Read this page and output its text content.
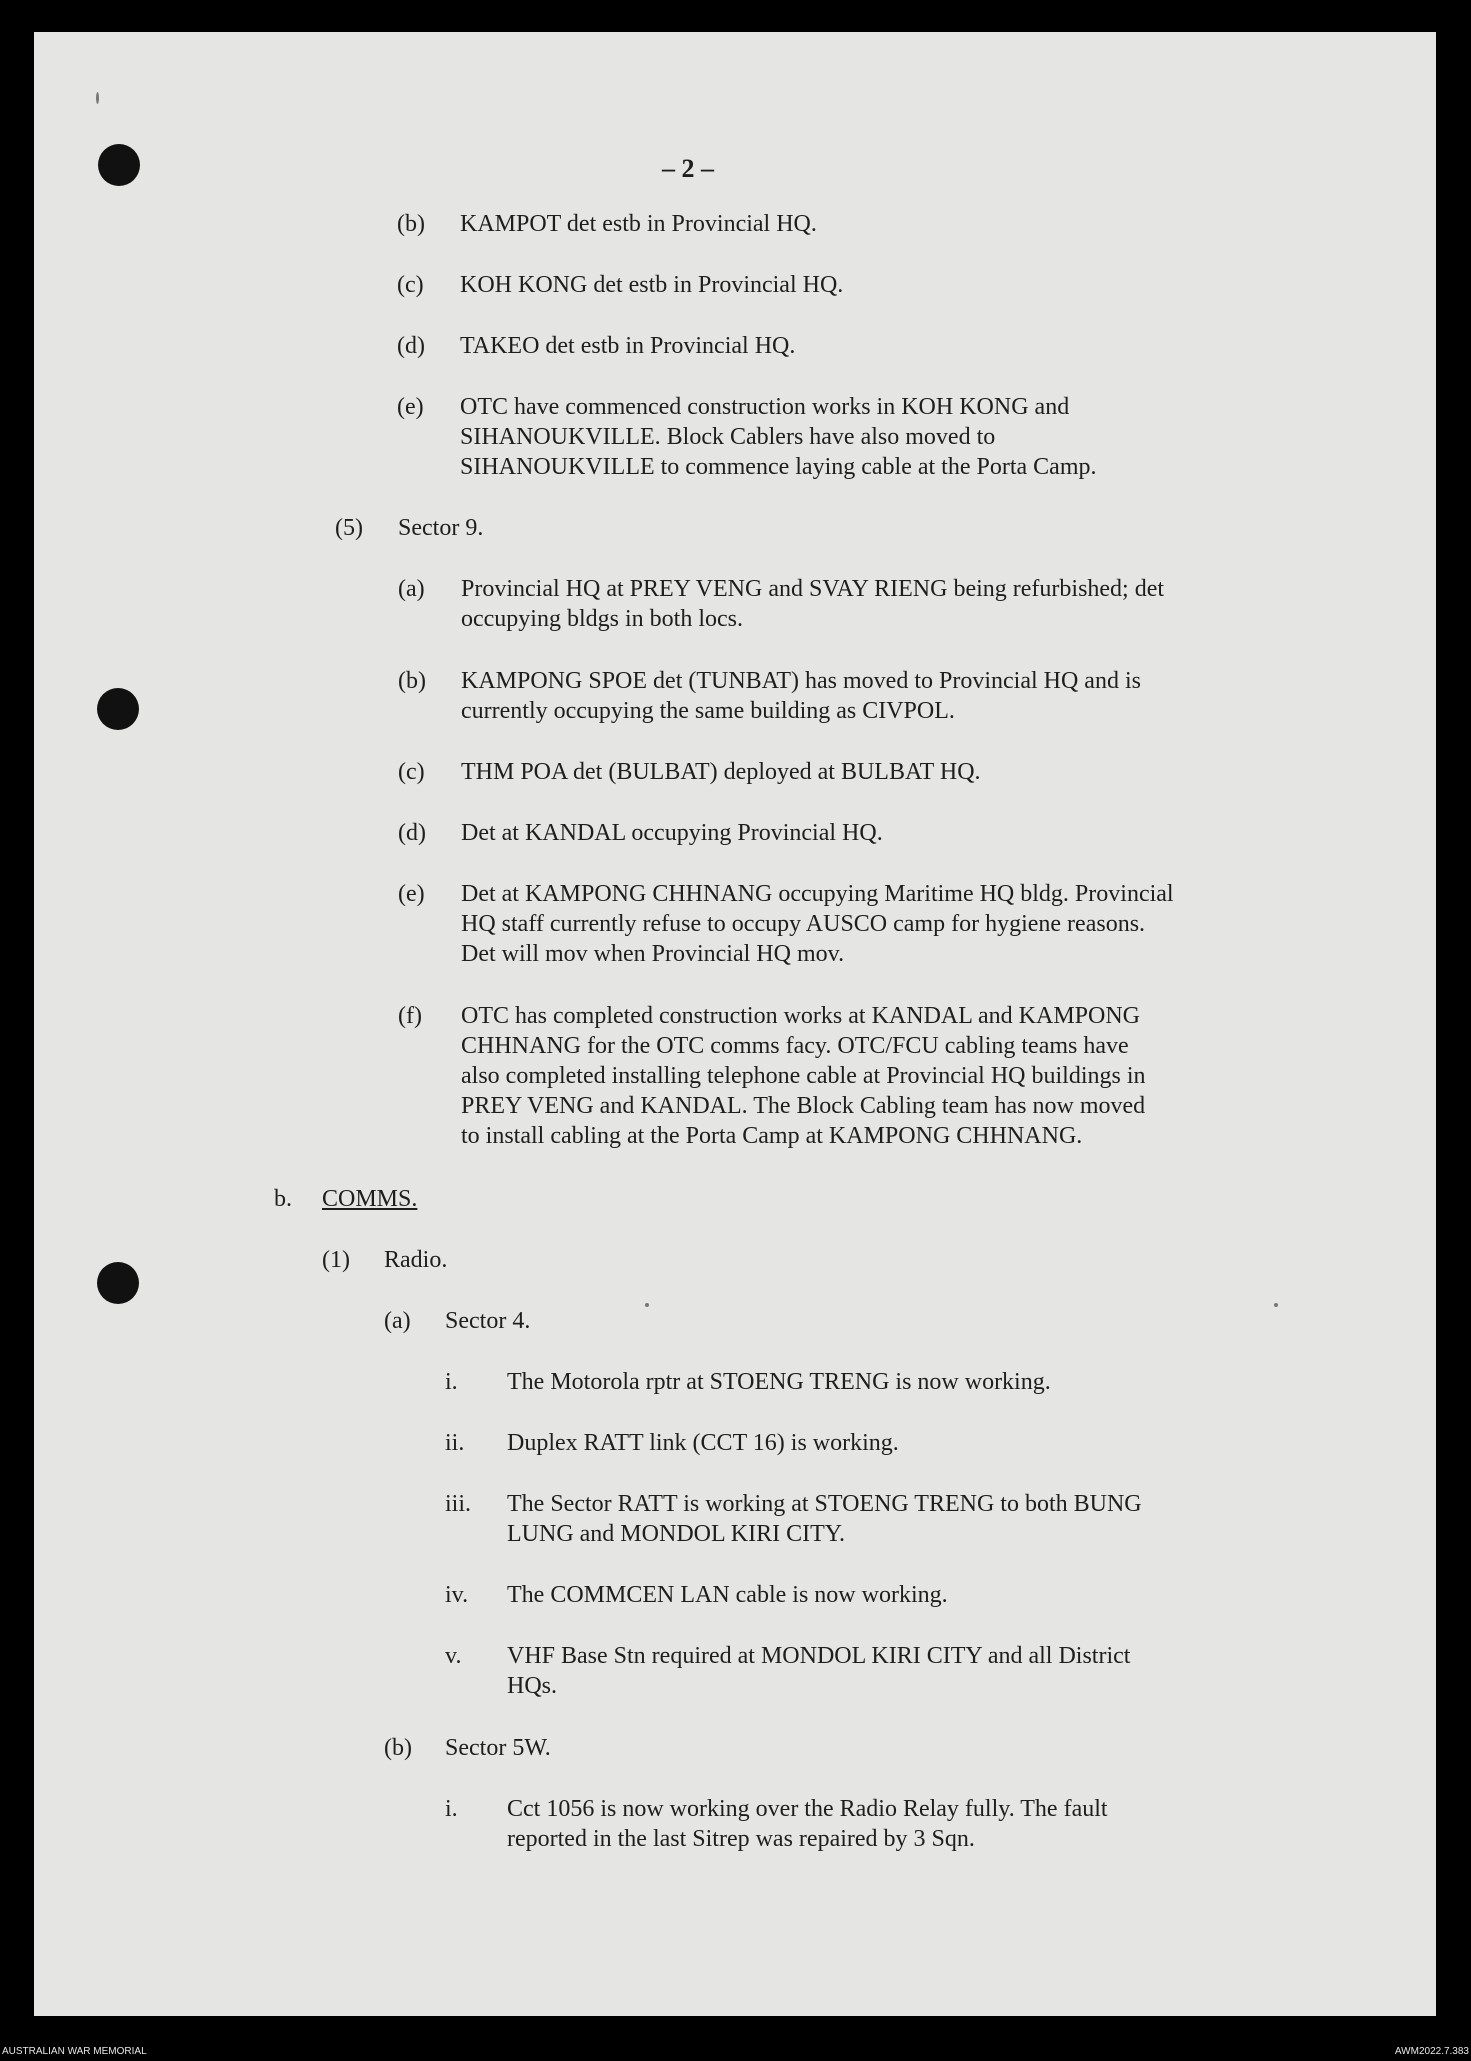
– 2 –
(b) KAMPOT det estb in Provincial HQ.
(c) KOH KONG det estb in Provincial HQ.
(d) TAKEO det estb in Provincial HQ.
(e) OTC have commenced construction works in KOH KONG and
SIHANOUKVILLE. Block Cablers have also moved to
SIHANOUKVILLE to commence laying cable at the Porta Camp.
(5) Sector 9.
(a) Provincial HQ at PREY VENG and SVAY RIENG being refurbished; det
occupying bldgs in both locs.
(b) KAMPONG SPOE det (TUNBAT) has moved to Provincial HQ and is
currently occupying the same building as CIVPOL.
(c) THM POA det (BULBAT) deployed at BULBAT HQ.
(d) Det at KANDAL occupying Provincial HQ.
(e) Det at KAMPONG CHHNANG occupying Maritime HQ bldg. Provincial
HQ staff currently refuse to occupy AUSCO camp for hygiene reasons.
Det will mov when Provincial HQ mov.
(f) OTC has completed construction works at KANDAL and KAMPONG
CHHNANG for the OTC comms facy. OTC/FCU cabling teams have
also completed installing telephone cable at Provincial HQ buildings in
PREY VENG and KANDAL. The Block Cabling team has now moved
to install cabling at the Porta Camp at KAMPONG CHHNANG.
b. COMMS.
(1) Radio.
(a) Sector 4.
i. The Motorola rptr at STOENG TRENG is now working.
ii. Duplex RATT link (CCT 16) is working.
iii. The Sector RATT is working at STOENG TRENG to both BUNG
LUNG and MONDOL KIRI CITY.
iv. The COMMCEN LAN cable is now working.
v. VHF Base Stn required at MONDOL KIRI CITY and all District
HQs.
(b) Sector 5W.
i. Cct 1056 is now working over the Radio Relay fully. The fault
reported in the last Sitrep was repaired by 3 Sqn.
AUSTRALIAN WAR MEMORIAL	AWM2022.7.383
